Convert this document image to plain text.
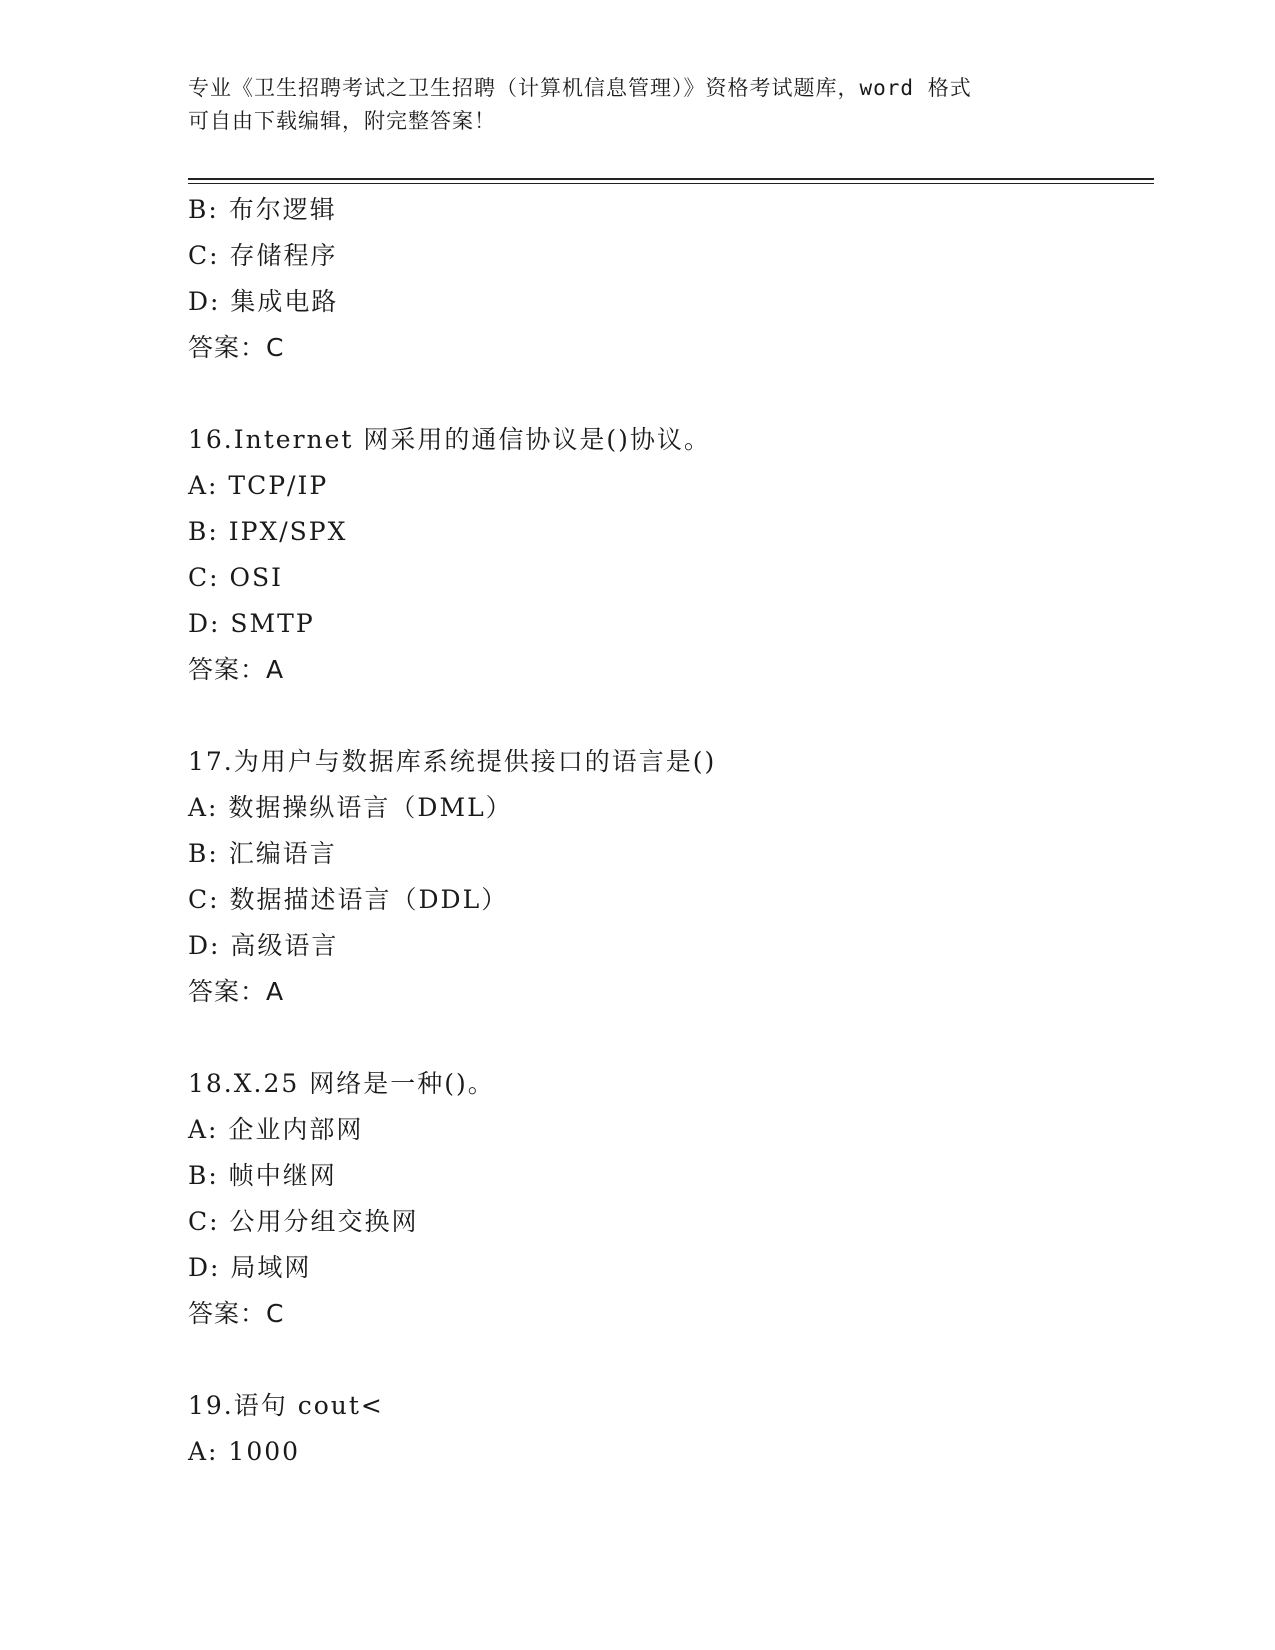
专业《卫生招聘考试之卫生招聘（计算机信息管理）》资格考试题库，word 格式
可自由下载编辑，附完整答案！
B: 布尔逻辑
C: 存储程序
D: 集成电路
答案：C
16.Internet 网采用的通信协议是()协议。
A: TCP/IP
B: IPX/SPX
C: OSI
D: SMTP
答案：A
17.为用户与数据库系统提供接口的语言是()
A: 数据操纵语言（DML）
B: 汇编语言
C: 数据描述语言（DDL）
D: 高级语言
答案：A
18.X.25 网络是一种()。
A: 企业内部网
B: 帧中继网
C: 公用分组交换网
D: 局域网
答案：C
19.语句 cout<
A: 1000
